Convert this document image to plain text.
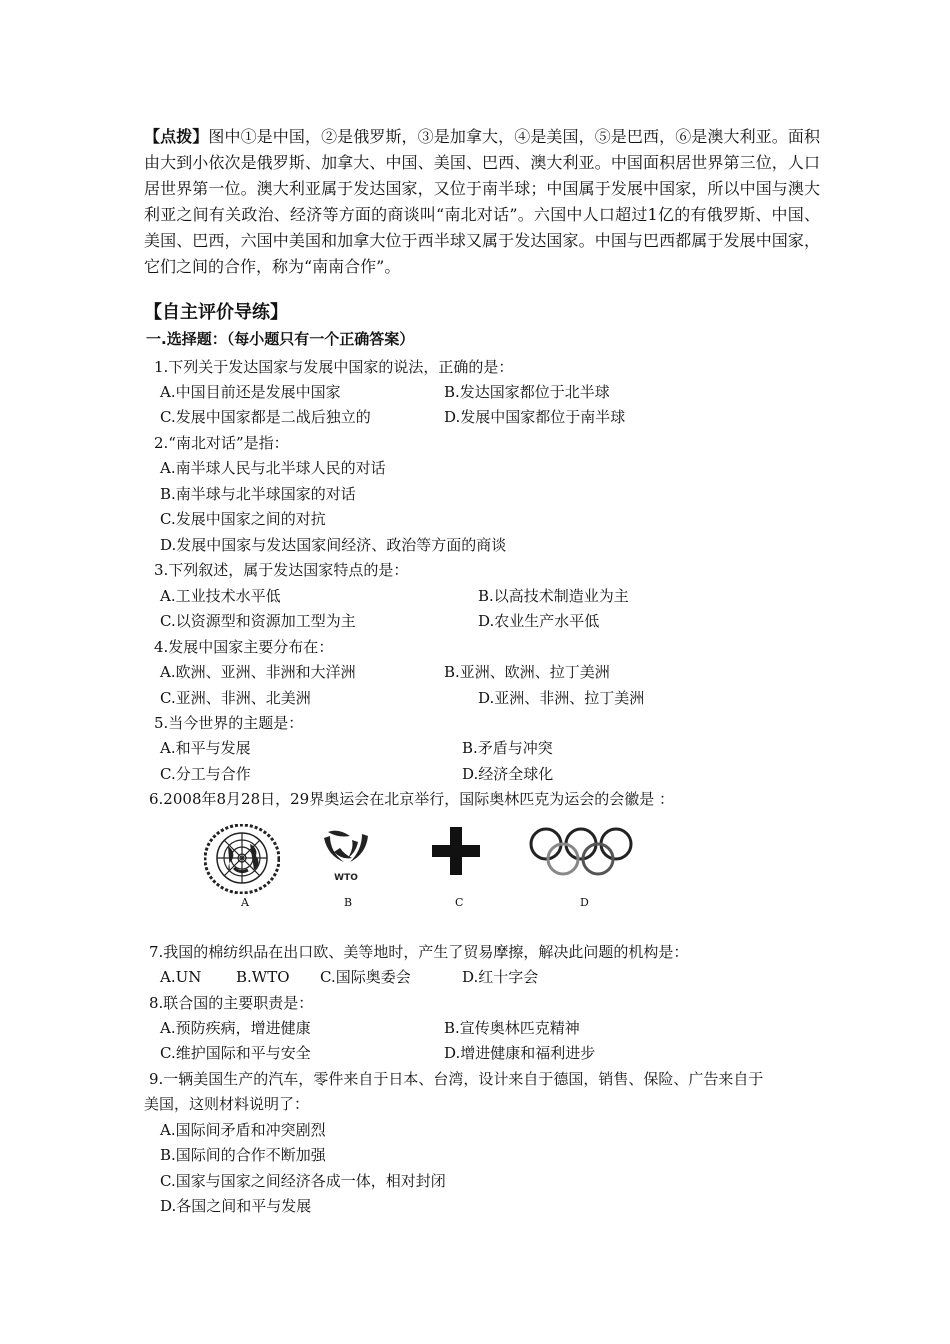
【点拨】图中①是中国，②是俄罗斯，③是加拿大，④是美国，⑤是巴西，⑥是澳大利亚。面积由大到小依次是俄罗斯、加拿大、中国、美国、巴西、澳大利亚。中国面积居世界第三位，人口居世界第一位。澳大利亚属于发达国家，又位于南半球；中国属于发展中国家，所以中国与澳大利亚之间有关政治、经济等方面的商谈叫“南北对话”。六国中人口超过1亿的有俄罗斯、中国、美国、巴西，六国中美国和加拿大位于西半球又属于发达国家。中国与巴西都属于发展中国家，它们之间的合作，称为“南南合作”。

【自主评价导练】
一.选择题：（每小题只有一个正确答案）
1.下列关于发达国家与发展中国家的说法，正确的是：
A.中国目前还是发展中国家	B.发达国家都位于北半球
C.发展中国家都是二战后独立的	D.发展中国家都位于南半球
2.“南北对话”是指：
A.南半球人民与北半球人民的对话
B.南半球与北半球国家的对话
C.发展中国家之间的对抗
D.发展中国家与发达国家间经济、政治等方面的商谈
3.下列叙述，属于发达国家特点的是：
A.工业技术水平低	B.以高技术制造业为主
C.以资源型和资源加工型为主	D.农业生产水平低
4.发展中国家主要分布在：
A.欧洲、亚洲、非洲和大洋洲	B.亚洲、欧洲、拉丁美洲
C.亚洲、非洲、北美洲	D.亚洲、非洲、拉丁美洲
5.当今世界的主题是：
A.和平与发展	B.矛盾与冲突
C.分工与合作	D.经济全球化
6.2008年8月28日，29界奥运会在北京举行，国际奥林匹克为运会的会徽是 ：
A
WTO
B	C	D
7.我国的棉纺织品在出口欧、美等地时，产生了贸易摩擦，解决此问题的机构是：
A.UN B.WTO C.国际奥委会	D.红十字会
8.联合国的主要职责是：
A.预防疾病，增进健康	B.宣传奥林匹克精神
C.维护国际和平与安全	D.增进健康和福利进步
9.一辆美国生产的汽车，零件来自于日本、台湾，设计来自于德国，销售、保险、广告来自于
美国，这则材料说明了：
A.国际间矛盾和冲突剧烈
B.国际间的合作不断加强
C.国家与国家之间经济各成一体，相对封闭
D.各国之间和平与发展
